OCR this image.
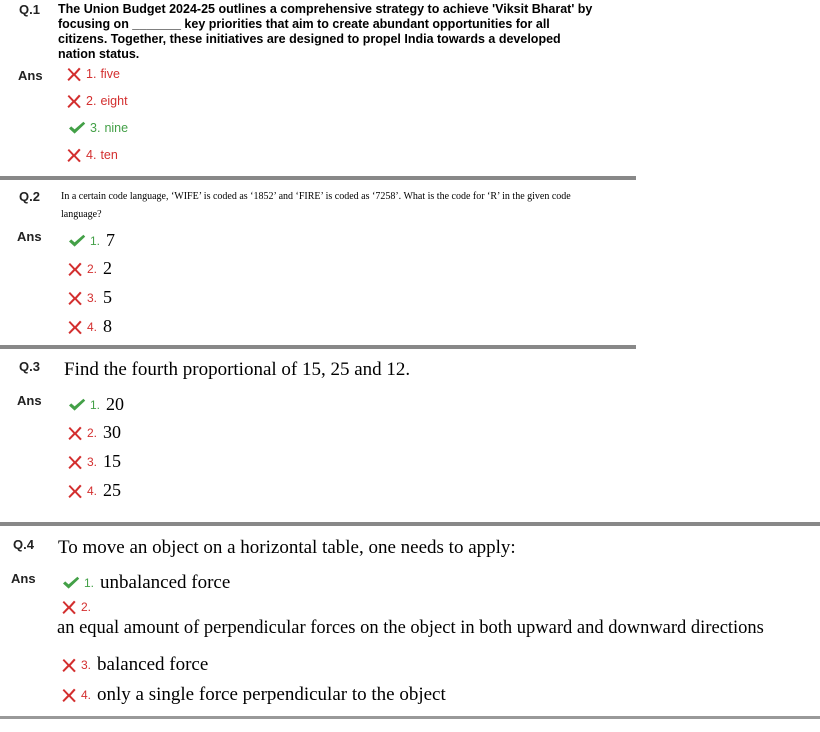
Q.1 The Union Budget 2024-25 outlines a comprehensive strategy to achieve 'Viksit Bharat' by focusing on _______ key priorities that aim to create abundant opportunities for all citizens. Together, these initiatives are designed to propel India towards a developed nation status.
Ans	1. five
2. eight
3. nine
4. ten
Q.2 In a certain code language, ‘WIFE’ is coded as ‘1852’ and ‘FIRE’ is coded as ‘7258’. What is the code for ‘R’ in the given code language?
Ans	1. 7
2. 2
3. 5
4. 8
Q.3 Find the fourth proportional of 15, 25 and 12.
Ans	1. 20
2. 30
3. 15
4. 25
Q.4 To move an object on a horizontal table, one needs to apply:
Ans	1. unbalanced force
2.
an equal amount of perpendicular forces on the object in both upward and downward directions
3. balanced force
4. only a single force perpendicular to the object
